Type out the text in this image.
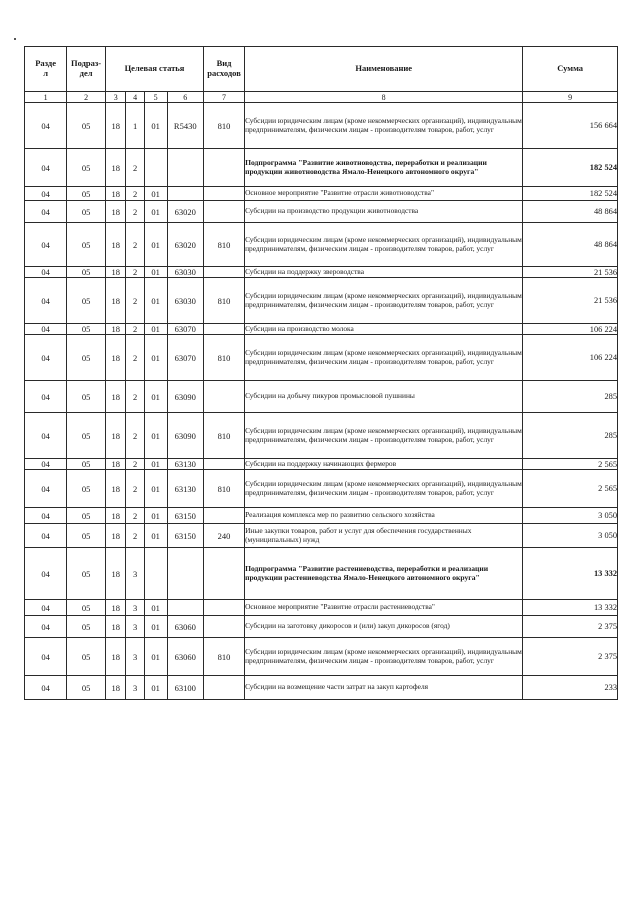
Разде
л	Подраз-
дел	Целевая статья				Вид
расходов	Наименование	Сумма
1	2	3	4	5	6	7	8	9
04	05	18	1	01	R5430	810	Субсидии юридическим лицам (кроме некоммерческих организаций), индивидуальным предпринимателям, физическим лицам - производителям товаров, работ, услуг	156 664
04	05	18	2				Подпрограмма "Развитие животноводства, переработки и реализации продукции животноводства Ямало-Ненецкого автономного округа"	182 524
04	05	18	2	01			Основное мероприятие "Развитие отрасли животноводства"	182 524
04	05	18	2	01	63020		Субсидии на производство продукции животноводства	48 864
04	05	18	2	01	63020	810	Субсидии юридическим лицам (кроме некоммерческих организаций), индивидуальным предпринимателям, физическим лицам - производителям товаров, работ, услуг	48 864
04	05	18	2	01	63030		Субсидии на поддержку звероводства	21 536
04	05	18	2	01	63030	810	Субсидии юридическим лицам (кроме некоммерческих организаций), индивидуальным предпринимателям, физическим лицам - производителям товаров, работ, услуг	21 536
04	05	18	2	01	63070		Субсидии на производство молока	106 224
04	05	18	2	01	63070	810	Субсидии юридическим лицам (кроме некоммерческих организаций), индивидуальным предпринимателям, физическим лицам - производителям товаров, работ, услуг	106 224
04	05	18	2	01	63090		Субсидии на добычу пикуров промысловой пушнины	285
04	05	18	2	01	63090	810	Субсидии юридическим лицам (кроме некоммерческих организаций), индивидуальным предпринимателям, физическим лицам - производителям товаров, работ, услуг	285
04	05	18	2	01	63130		Субсидии на поддержку начинающих фермеров	2 565
04	05	18	2	01	63130	810	Субсидии юридическим лицам (кроме некоммерческих организаций), индивидуальным предпринимателям, физическим лицам - производителям товаров, работ, услуг	2 565
04	05	18	2	01	63150		Реализация комплекса мер по развитию сельского хозяйства	3 050
04	05	18	2	01	63150	240	Иные закупки товаров, работ и услуг для обеспечения государственных (муниципальных) нужд	3 050
04	05	18	3				Подпрограмма "Развитие растениеводства, переработки и реализации продукции растениеводства Ямало-Ненецкого автономного округа"	13 332
04	05	18	3	01			Основное мероприятие "Развитие отрасли растениеводства"	13 332
04	05	18	3	01	63060		Субсидии на заготовку дикоросов и (или) закуп дикоросов (ягод)	2 375
04	05	18	3	01	63060	810	Субсидии юридическим лицам (кроме некоммерческих организаций), индивидуальным предпринимателям, физическим лицам - производителям товаров, работ, услуг	2 375
04	05	18	3	01	63100		Субсидии на возмещение части затрат на закуп картофеля	233
